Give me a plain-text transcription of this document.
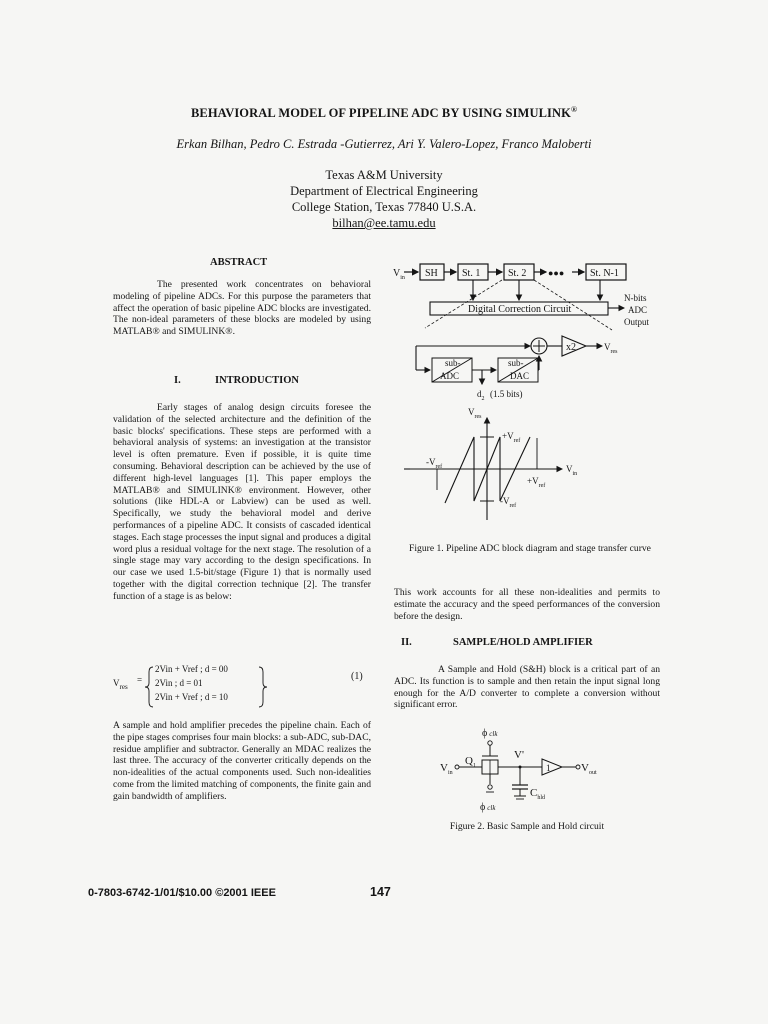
BEHAVIORAL MODEL OF PIPELINE ADC BY USING SIMULINK®
Erkan Bilhan, Pedro C. Estrada -Gutierrez, Ari Y. Valero-Lopez, Franco Maloberti
Texas A&M University
Department of Electrical Engineering
College Station, Texas 77840 U.S.A.
bilhan@ee.tamu.edu
ABSTRACT

The presented work concentrates on behavioral modeling of pipeline ADCs. For this purpose the parameters that affect the operation of basic pipeline ADC blocks are investigated. The non-ideal parameters of these blocks are modeled by using MATLAB® and SIMULINK®.

I.	INTRODUCTION

Early stages of analog design circuits foresee the validation of the selected architecture and the definition of the basic blocks' specifications. These steps are performed with a behavioral analysis of systems: an investigation at the transistor level is often premature. Even if possible, it is quite time consuming. Behavioral description can be achieved by the use of different high-level languages [1]. This paper employs the MATLAB® and SIMULINK® environment. However, other solutions (like HDL-A or Labview) can be used as well. Specifically, we study the behavioral model and derive performances of a pipeline ADC. It consists of cascaded identical stages. Each stage processes the input signal and produces a digital word plus a residual voltage for the next stage. The resolution of a single stage may vary according to the design specifications. In our case we used 1.5-bit/stage (Figure 1) that is normally used together with the digital correction technique [2]. The transfer function of a stage is as below:

$V_{res}$
=
2Vin + Vref ; d = 00
2Vin ; d = 01
2Vin + Vref ; d = 10
(1)

A sample and hold amplifier precedes the pipeline chain. Each of the pipe stages comprises four main blocks: a sub-ADC, sub-DAC, residue amplifier and subtractor. Generally an MDAC realizes the last three. The accuracy of the converter critically depends on the non-idealities of the actual components used. Such non-idealities come from the limited matching of components, the finite gain and gain bandwidth of amplifiers.

$V_{in}$ SH St. 1	St. 2 ●●●	St. N-1
Digital Correction Circuit
N-bits
ADC
Output
x2	$V_{res}$
sub-
ADC
sub-
DAC
$d_2$ (1.5 bits)
$V_{res}$
$+V_{ref}$
$-V_{ref}$
$+V_{ref}$
$-V_{ref}$
$V_{in}$
Figure 1. Pipeline ADC block diagram and stage transfer curve

This work accounts for all these non-idealities and permits to estimate the accuracy and the speed performances of the conversion before the design.

II.	SAMPLE/HOLD AMPLIFIER

A Sample and Hold (S&H) block is a critical part of an ADC. Its function is to sample and then retain the input signal long enough for the A/D converter to complete a conversion without significant error.

ϕ clk
$V_{in}$
$Q_1$
V'
ϕ clk
$C_{hld}$
1	$V_{out}$
Figure 2. Basic Sample and Hold circuit
0-7803-6742-1/01/$10.00 ©2001 IEEE	147
